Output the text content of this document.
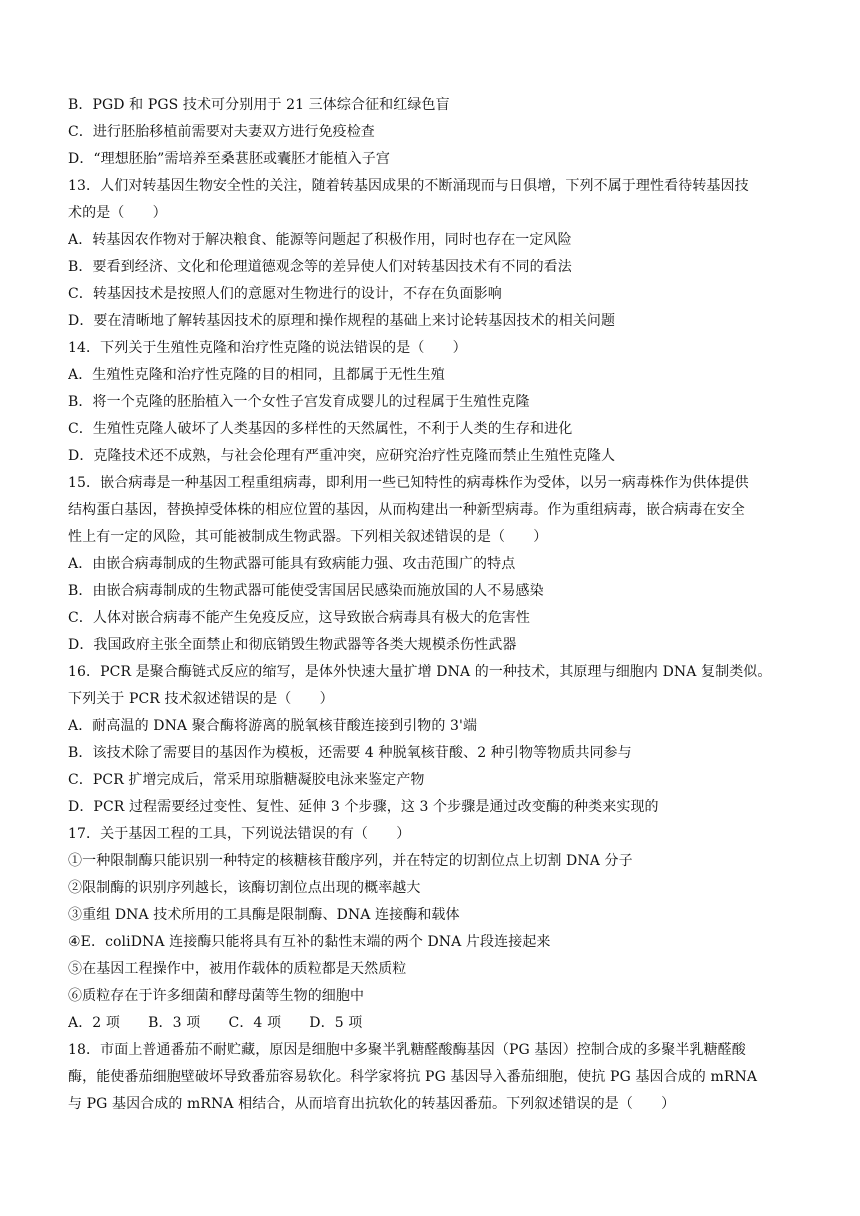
B．PGD 和 PGS 技术可分别用于 21 三体综合征和红绿色盲
C．进行胚胎移植前需要对夫妻双方进行免疫检查
D．“理想胚胎”需培养至桑葚胚或囊胚才能植入子宫
13．人们对转基因生物安全性的关注，随着转基因成果的不断涌现而与日俱增，下列不属于理性看待转基因技
术的是（　　）
A．转基因农作物对于解决粮食、能源等问题起了积极作用，同时也存在一定风险
B．要看到经济、文化和伦理道德观念等的差异使人们对转基因技术有不同的看法
C．转基因技术是按照人们的意愿对生物进行的设计，不存在负面影响
D．要在清晰地了解转基因技术的原理和操作规程的基础上来讨论转基因技术的相关问题
14．下列关于生殖性克隆和治疗性克隆的说法错误的是（　　）
A．生殖性克隆和治疗性克隆的目的相同，且都属于无性生殖
B．将一个克隆的胚胎植入一个女性子宫发育成婴儿的过程属于生殖性克隆
C．生殖性克隆人破坏了人类基因的多样性的天然属性，不利于人类的生存和进化
D．克隆技术还不成熟，与社会伦理有严重冲突，应研究治疗性克隆而禁止生殖性克隆人
15．嵌合病毒是一种基因工程重组病毒，即利用一些已知特性的病毒株作为受体，以另一病毒株作为供体提供
结构蛋白基因，替换掉受体株的相应位置的基因，从而构建出一种新型病毒。作为重组病毒，嵌合病毒在安全
性上有一定的风险，其可能被制成生物武器。下列相关叙述错误的是（　　）
A．由嵌合病毒制成的生物武器可能具有致病能力强、攻击范围广的特点
B．由嵌合病毒制成的生物武器可能使受害国居民感染而施放国的人不易感染
C．人体对嵌合病毒不能产生免疫反应，这导致嵌合病毒具有极大的危害性
D．我国政府主张全面禁止和彻底销毁生物武器等各类大规模杀伤性武器
16．PCR 是聚合酶链式反应的缩写，是体外快速大量扩增 DNA 的一种技术，其原理与细胞内 DNA 复制类似。
下列关于 PCR 技术叙述错误的是（　　）
A．耐高温的 DNA 聚合酶将游离的脱氧核苷酸连接到引物的 3'端
B．该技术除了需要目的基因作为模板，还需要 4 种脱氧核苷酸、2 种引物等物质共同参与
C．PCR 扩增完成后，常采用琼脂糖凝胶电泳来鉴定产物
D．PCR 过程需要经过变性、复性、延伸 3 个步骤，这 3 个步骤是通过改变酶的种类来实现的
17．关于基因工程的工具，下列说法错误的有（　　）
①一种限制酶只能识别一种特定的核糖核苷酸序列，并在特定的切割位点上切割 DNA 分子
②限制酶的识别序列越长，该酶切割位点出现的概率越大
③重组 DNA 技术所用的工具酶是限制酶、DNA 连接酶和载体
④E．coliDNA 连接酶只能将具有互补的黏性末端的两个 DNA 片段连接起来
⑤在基因工程操作中，被用作载体的质粒都是天然质粒
⑥质粒存在于许多细菌和酵母菌等生物的细胞中
A．2 项　　B．3 项　　C．4 项　　D．5 项
18．市面上普通番茄不耐贮藏，原因是细胞中多聚半乳糖醛酸酶基因（PG 基因）控制合成的多聚半乳糖醛酸
酶，能使番茄细胞壁破坏导致番茄容易软化。科学家将抗 PG 基因导入番茄细胞，使抗 PG 基因合成的 mRNA
与 PG 基因合成的 mRNA 相结合，从而培育出抗软化的转基因番茄。下列叙述错误的是（　　）
